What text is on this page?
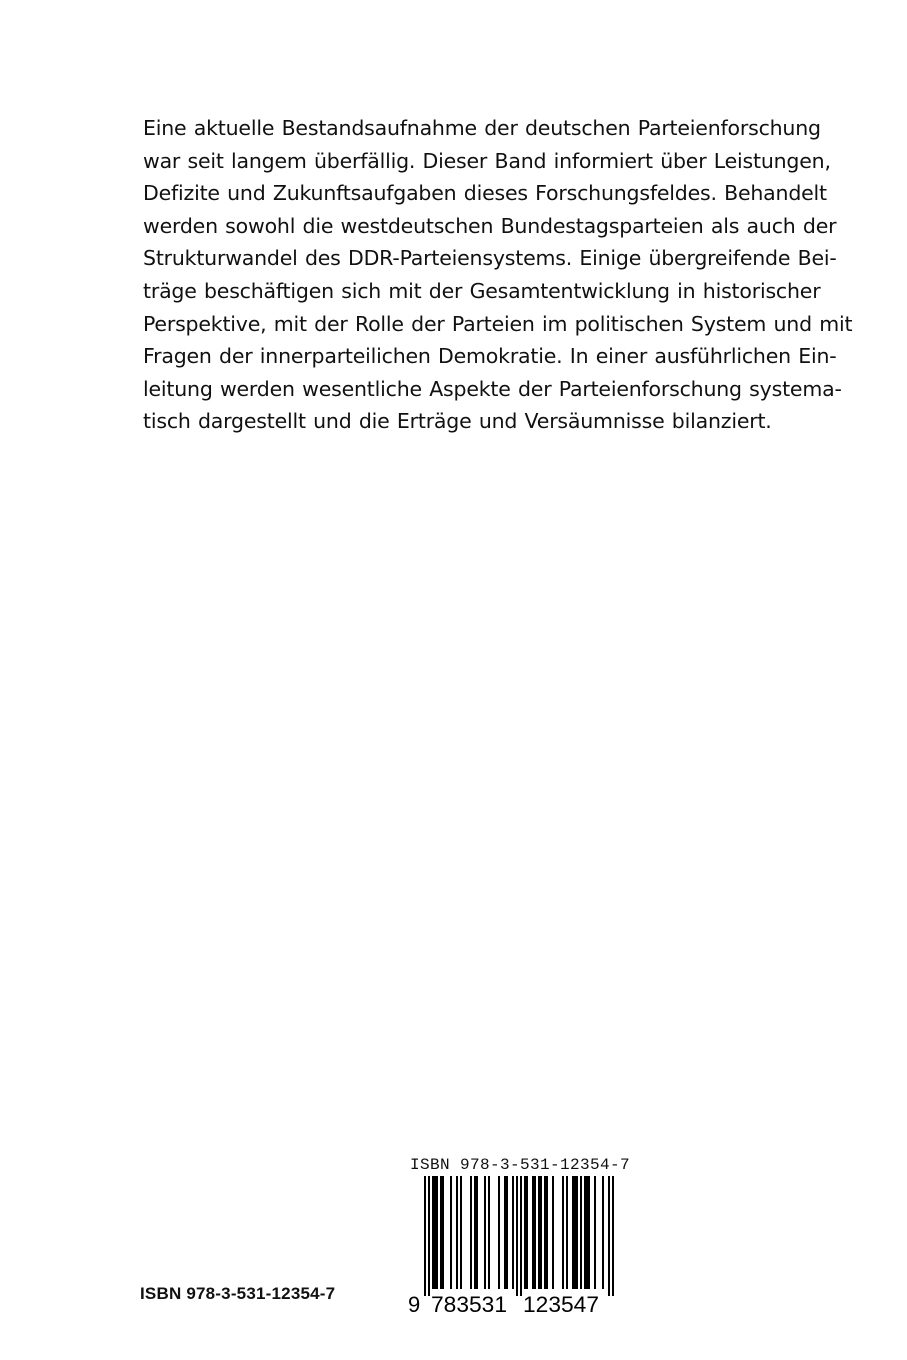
Eine aktuelle Bestandsaufnahme der deutschen Parteienforschung
war seit langem überfällig. Dieser Band informiert über Leistungen,
Defizite und Zukunftsaufgaben dieses Forschungsfeldes. Behandelt
werden sowohl die westdeutschen Bundestagsparteien als auch der
Strukturwandel des DDR-Parteiensystems. Einige übergreifende Bei-
träge beschäftigen sich mit der Gesamtentwicklung in historischer
Perspektive, mit der Rolle der Parteien im politischen System und mit
Fragen der innerparteilichen Demokratie. In einer ausführlichen Ein-
leitung werden wesentliche Aspekte der Parteienforschung systema-
tisch dargestellt und die Erträge und Versäumnisse bilanziert.

ISBN 978-3-531-12354-7

ISBN 978-3-531-12354-7

9 783531 123547
